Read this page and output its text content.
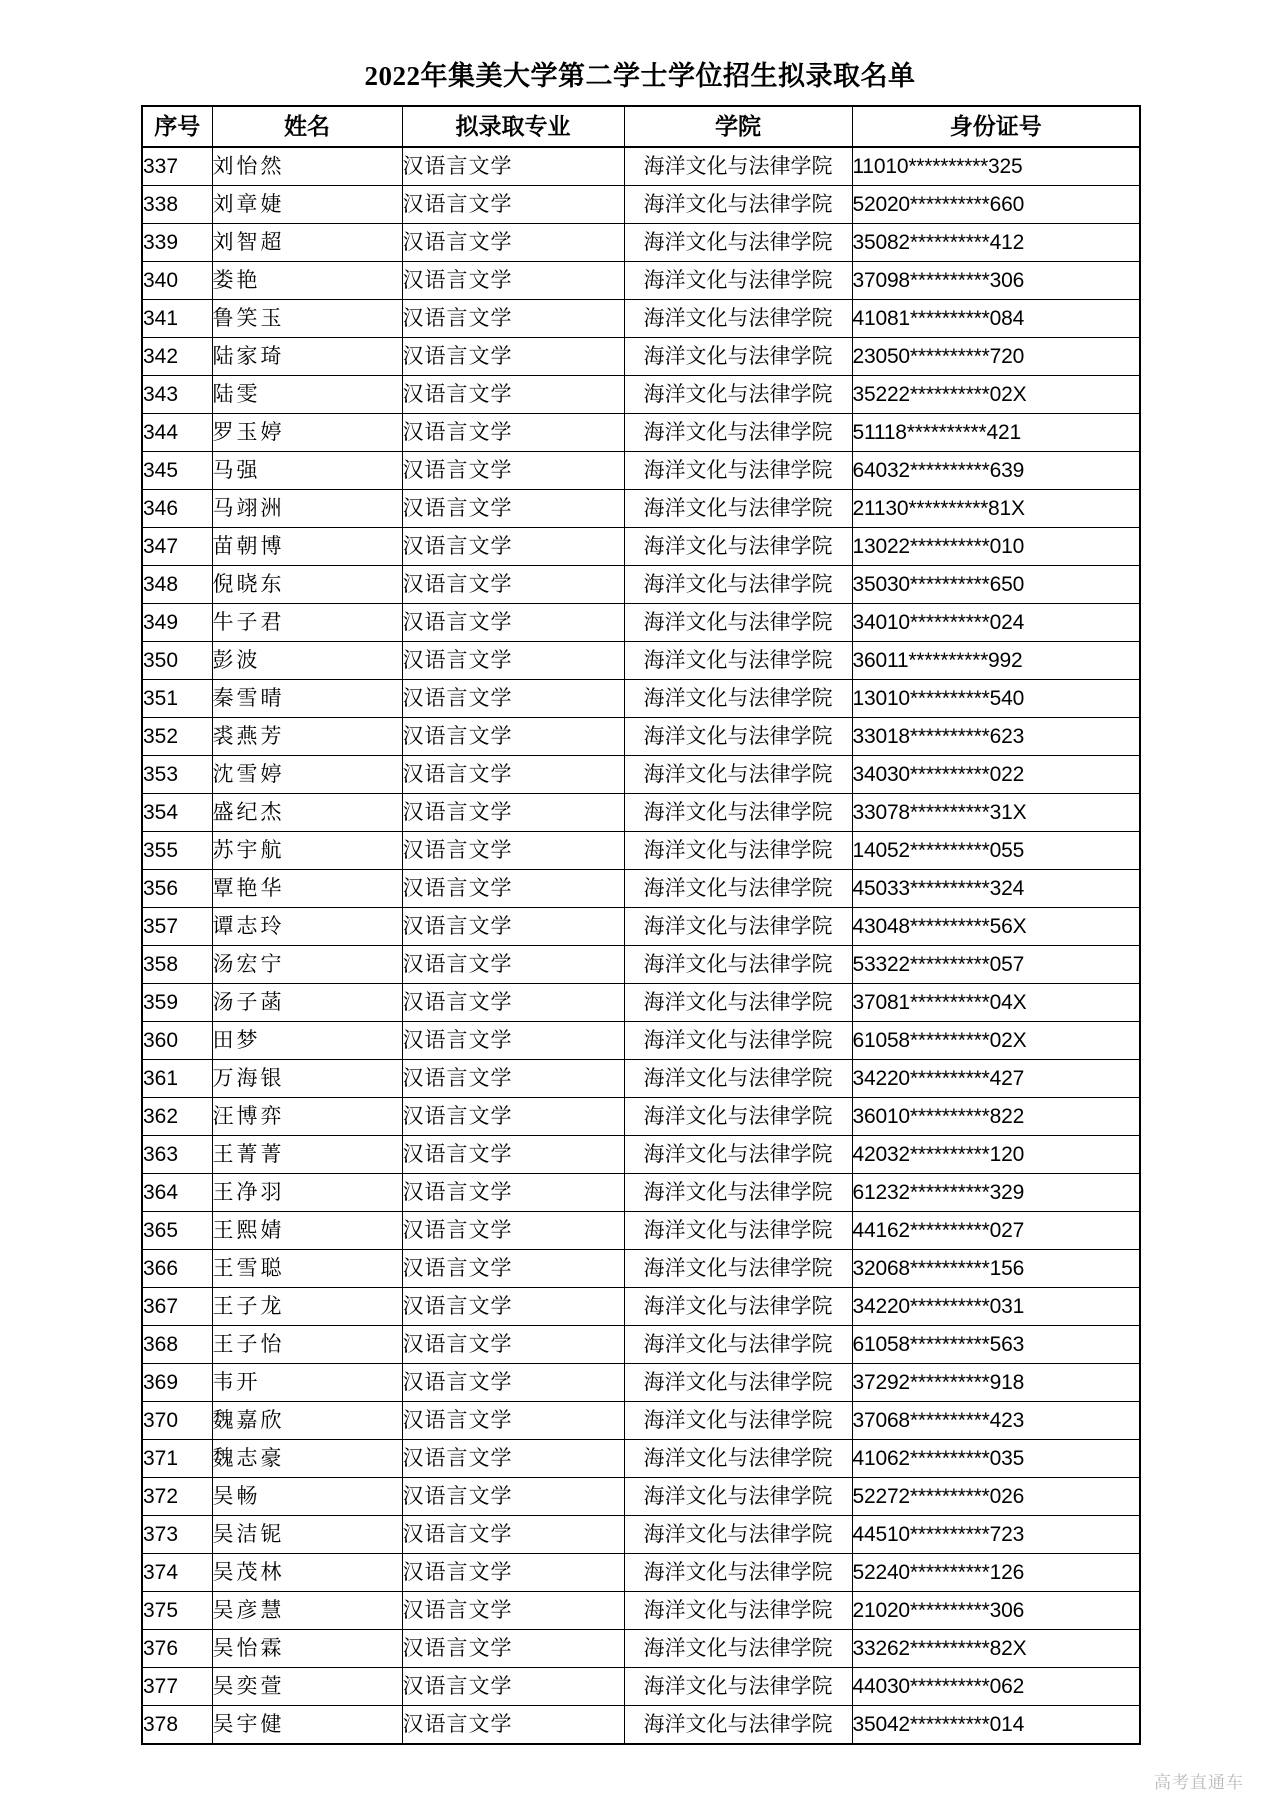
2022年集美大学第二学士学位招生拟录取名单
序号	姓名	拟录取专业	学院	身份证号
337	刘怡然	汉语言文学	海洋文化与法律学院	11010**********325
338	刘章婕	汉语言文学	海洋文化与法律学院	52020**********660
339	刘智超	汉语言文学	海洋文化与法律学院	35082**********412
340	娄艳	汉语言文学	海洋文化与法律学院	37098**********306
341	鲁笑玉	汉语言文学	海洋文化与法律学院	41081**********084
342	陆家琦	汉语言文学	海洋文化与法律学院	23050**********720
343	陆雯	汉语言文学	海洋文化与法律学院	35222**********02X
344	罗玉婷	汉语言文学	海洋文化与法律学院	51118**********421
345	马强	汉语言文学	海洋文化与法律学院	64032**********639
346	马翊洲	汉语言文学	海洋文化与法律学院	21130**********81X
347	苗朝博	汉语言文学	海洋文化与法律学院	13022**********010
348	倪晓东	汉语言文学	海洋文化与法律学院	35030**********650
349	牛子君	汉语言文学	海洋文化与法律学院	34010**********024
350	彭波	汉语言文学	海洋文化与法律学院	36011**********992
351	秦雪晴	汉语言文学	海洋文化与法律学院	13010**********540
352	裘燕芳	汉语言文学	海洋文化与法律学院	33018**********623
353	沈雪婷	汉语言文学	海洋文化与法律学院	34030**********022
354	盛纪杰	汉语言文学	海洋文化与法律学院	33078**********31X
355	苏宇航	汉语言文学	海洋文化与法律学院	14052**********055
356	覃艳华	汉语言文学	海洋文化与法律学院	45033**********324
357	谭志玲	汉语言文学	海洋文化与法律学院	43048**********56X
358	汤宏宁	汉语言文学	海洋文化与法律学院	53322**********057
359	汤子菡	汉语言文学	海洋文化与法律学院	37081**********04X
360	田梦	汉语言文学	海洋文化与法律学院	61058**********02X
361	万海银	汉语言文学	海洋文化与法律学院	34220**********427
362	汪博弈	汉语言文学	海洋文化与法律学院	36010**********822
363	王菁菁	汉语言文学	海洋文化与法律学院	42032**********120
364	王净羽	汉语言文学	海洋文化与法律学院	61232**********329
365	王熙婧	汉语言文学	海洋文化与法律学院	44162**********027
366	王雪聪	汉语言文学	海洋文化与法律学院	32068**********156
367	王子龙	汉语言文学	海洋文化与法律学院	34220**********031
368	王子怡	汉语言文学	海洋文化与法律学院	61058**********563
369	韦开	汉语言文学	海洋文化与法律学院	37292**********918
370	魏嘉欣	汉语言文学	海洋文化与法律学院	37068**********423
371	魏志豪	汉语言文学	海洋文化与法律学院	41062**********035
372	吴畅	汉语言文学	海洋文化与法律学院	52272**********026
373	吴洁铌	汉语言文学	海洋文化与法律学院	44510**********723
374	吴茂林	汉语言文学	海洋文化与法律学院	52240**********126
375	吴彦慧	汉语言文学	海洋文化与法律学院	21020**********306
376	吴怡霖	汉语言文学	海洋文化与法律学院	33262**********82X
377	吴奕萱	汉语言文学	海洋文化与法律学院	44030**********062
378	吴宇健	汉语言文学	海洋文化与法律学院	35042**********014
高考直通车
